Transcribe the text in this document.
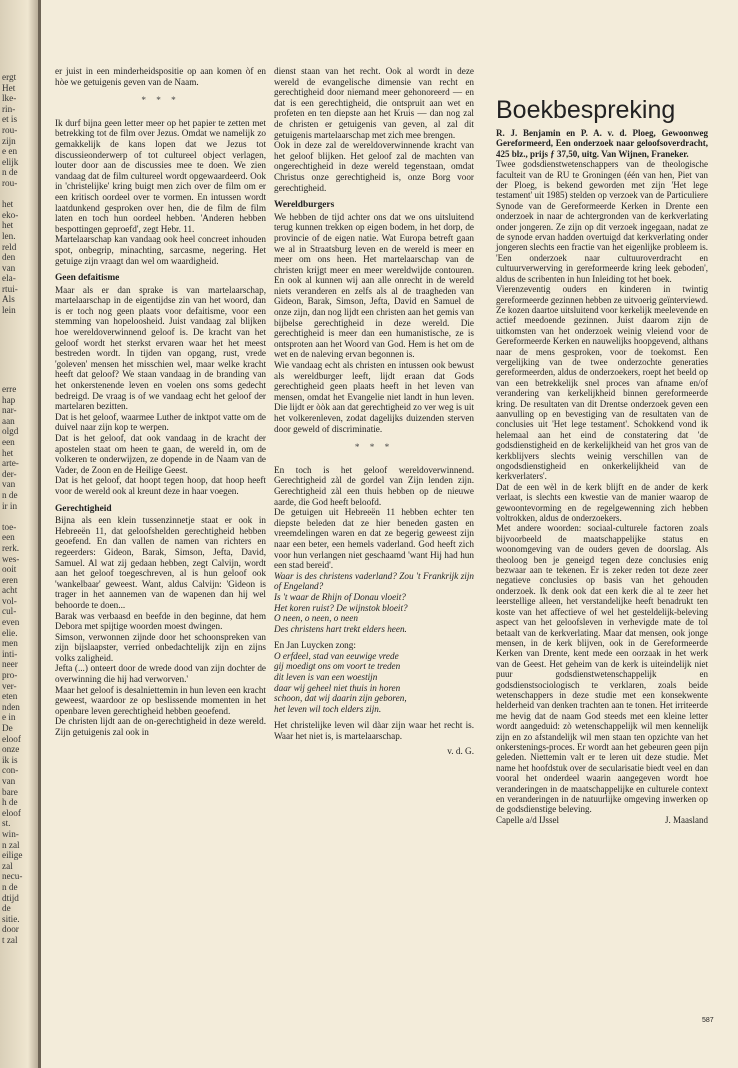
ergt
Het
lke-
rin-
et is
rou-
zijn
e en
elijk
n de
rou-
het
eko-
het
len.
reld
den
van
ela-
rtui-
Als
lein
erre
hap
nar-
aan
olgd
een
het
arte-
der-
van
n de
ir in
toe-
een
rerk.
wes-
ooit
eren
acht
vol-
cul-
even
elie.
men
inti-
neer
pro-
ver-
eten
nden
e in
De
eloof
onze
ik is
con-
van
bare
h de
eloof
st.
win-
n zal
eilige
zal
necu-
n de
dtijd
de
sitie.
door
t zal

er juist in een minderheidspositie op aan komen òf en hòe we getuigenis geven van de Naam.

* * *

Ik durf bijna geen letter meer op het papier te zetten met betrekking tot de film over Jezus. Omdat we namelijk zo gemakkelijk de kans lopen dat we Jezus tot discussieonderwerp of tot cultureel object verlagen, louter door aan de discussies mee te doen. We zien vandaag dat de film cultureel wordt opgewaardeerd. Ook in 'christelijke' kring buigt men zich over de film om er een kritisch oordeel over te vormen. En intussen wordt laatdunkend gesproken over hen, die de film de film laten en toch hun oordeel hebben. 'Anderen hebben bespottingen geproefd', zegt Hebr. 11.

Martelaarschap kan vandaag ook heel concreet inhouden spot, onbegrip, minachting, sarcasme, negering. Het getuige zijn vraagt dan wel om waardigheid.

Geen defaitisme

Maar als er dan sprake is van martelaarschap, martelaarschap in de eigentijdse zin van het woord, dan is er toch nog geen plaats voor defaitisme, voor een stemming van hopeloosheid. Juist vandaag zal blijken hoe wereldoverwinnend geloof is. De kracht van het geloof wordt het sterkst ervaren waar het het meest bestreden wordt. In tijden van opgang, rust, vrede 'goleven' mensen het misschien wel, maar welke kracht heeft dat geloof? We staan vandaag in de branding van het onkerstenende leven en voelen ons soms gedecht bedreigd. De vraag is of we vandaag echt het geloof der martelaren bezitten.

Dat is het geloof, waarmee Luther de inktpot vatte om de duivel naar zijn kop te werpen.

Dat is het geloof, dat ook vandaag in de kracht der apostelen staat om heen te gaan, de wereld in, om de volkeren te onderwijzen, ze dopende in de Naam van de Vader, de Zoon en de Heilige Geest.

Dat is het geloof, dat hoopt tegen hoop, dat hoop heeft voor de wereld ook al kreunt deze in haar voegen.

Gerechtigheid

Bijna als een klein tussenzinnetje staat er ook in Hebreeën 11, dat geloofshelden gerechtigheid hebben geoefend. En dan vallen de namen van richters en regeerders: Gideon, Barak, Simson, Jefta, David, Samuel. Al wat zij gedaan hebben, zegt Calvijn, wordt aan het geloof toegeschreven, al is hun geloof ook 'wankelbaar' geweest. Want, aldus Calvijn: 'Gideon is trager in het aannemen van de wapenen dan hij wel behoorde te doen...

Barak was verbaasd en beefde in den beginne, dat hem Debora met spijtige woorden moest dwingen.

Simson, verwonnen zijnde door het schoonspreken van zijn bijslaapster, verried onbedachtelijk zijn en zijns volks zaligheid.

Jefta (...) onteert door de wrede dood van zijn dochter de overwinning die hij had verworven.'

Maar het geloof is desalniettemin in hun leven een kracht geweest, waardoor ze op beslissende momenten in het openbare leven gerechtigheid hebben geoefend.

De christen lijdt aan de on-gerechtigheid in deze wereld. Zijn getuigenis zal ook in

dienst staan van het recht. Ook al wordt in deze wereld de evangelische dimensie van recht en gerechtigheid door niemand meer gehonoreerd — en dat is een gerechtigheid, die ontspruit aan wet en profeten en ten diepste aan het Kruis — dan nog zal de christen er getuigenis van geven, al zal dit getuigenis martelaarschap met zich mee brengen.

Ook in deze zal de wereldoverwinnende kracht van het geloof blijken. Het geloof zal de machten van ongerechtigheid in deze wereld tegenstaan, omdat Christus onze gerechtigheid is, onze Borg voor gerechtigheid.

Wereldburgers

We hebben de tijd achter ons dat we ons uitsluitend terug kunnen trekken op eigen bodem, in het dorp, de provincie of de eigen natie. Wat Europa betreft gaan we al in Straatsburg leven en de wereld is meer en meer om ons heen. Het martelaarschap van de christen krijgt meer en meer wereldwijde contouren. En ook al kunnen wij aan alle onrecht in de wereld niets veranderen en zelfs als al de traagheden van Gideon, Barak, Simson, Jefta, David en Samuel de onze zijn, dan nog lijdt een christen aan het gemis van bijbelse gerechtigheid in deze wereld. Die gerechtigheid is meer dan een humanistische, ze is ontsproten aan het Woord van God. Hem is het om de wet en de naleving ervan begonnen is.

Wie vandaag echt als christen en intussen ook bewust als wereldburger leeft, lijdt eraan dat Gods gerechtigheid geen plaats heeft in het leven van mensen, omdat het Evangelie niet landt in hun leven. Die lijdt er òòk aan dat gerechtigheid zo ver weg is uit het volkerenleven, zodat dagelijks duizenden sterven door geweld of discriminatie.

* * *

En toch is het geloof wereldoverwinnend. Gerechtigheid zàl de gordel van Zijn lenden zijn. Gerechtigheid zàl een thuis hebben op de nieuwe aarde, die God heeft beloofd.

De getuigen uit Hebreeën 11 hebben echter ten diepste beleden dat ze hier beneden gasten en vreemdelingen waren en dat ze begerig geweest zijn naar een beter, een hemels vaderland. God heeft zich voor hun verlangen niet geschaamd 'want Hij had hun een stad bereid'.

Waar is des christens vaderland? Zou 't Frankrijk zijn of Engeland?
Is 't waar de Rhijn of Donau vloeit?
Het koren ruist? De wijnstok bloeit?
O neen, o neen, o neen
Des christens hart trekt elders heen.

En Jan Luycken zong:

O erfdeel, stad van eeuwige vrede
gij moedigt ons om voort te treden
dit leven is van een woestijn
daar wij geheel niet thuis in horen
schoon, dat wij daarin zijn geboren,
het leven wil toch elders zijn.

Het christelijke leven wil dàar zijn waar het recht is. Waar het niet is, is martelaarschap.

v. d. G.
Boekbespreking

R. J. Benjamin en P. A. v. d. Ploeg, Gewoonweg Gereformeerd, Een onderzoek naar geloofsoverdracht, 425 blz., prijs ƒ 37,50, uitg. Van Wijnen, Franeker.

Twee godsdienstwetenschappers van de theologische faculteit van de RU te Groningen (één van hen, Piet van der Ploeg, is bekend geworden met zijn 'Het lege testament' uit 1985) stelden op verzoek van de Particuliere Synode van de Gereformeerde Kerken in Drente een onderzoek in naar de achtergronden van de kerkverlating onder jongeren. Ze zijn op dit verzoek ingegaan, nadat ze de synode ervan hadden overtuigd dat kerkverlating onder jongeren slechts een fractie van het eigenlijke probleem is. 'Een onderzoek naar cultuuroverdracht en cultuurverwerving in gereformeerde kring leek geboden', aldus de scribenten in hun Inleiding tot het boek.

Vierenzeventig ouders en kinderen in twintig gereformeerde gezinnen hebben ze uitvoerig geïnterviewd. Ze kozen daartoe uitsluitend voor kerkelijk meelevende en actief meedoende gezinnen. Juist daarom zijn de uitkomsten van het onderzoek weinig vleiend voor de Gereformeerde Kerken en nauwelijks hoopgevend, althans naar de mens gesproken, voor de toekomst. Een vergelijking van de twee onderzochte generaties gereformeerden, aldus de onderzoekers, roept het beeld op van een betrekkelijk snel proces van afname en/of verandering van kerkelijkheid binnen gereformeerde kring. De resultaten van dit Drentse onderzoek geven een aanvulling op en bevestiging van de resultaten van de conclusies uit 'Het lege testament'. Schokkend vond ik helemaal aan het eind de constatering dat 'de godsdienstigheid en de kerkelijkheid van het gros van de kerkblijvers slechts weinig verschillen van de ongodsdienstigheid en onkerkelijkheid van de kerkverlaters'.

Dat de een wèl in de kerk blijft en de ander de kerk verlaat, is slechts een kwestie van de manier waarop de gewoontevorming en de regelgewenning zich hebben voltrokken, aldus de onderzoekers.

Met andere woorden: sociaal-culturele factoren zoals bijvoorbeeld de maatschappelijke status en woonomgeving van de ouders geven de doorslag. Als theoloog ben je geneigd tegen deze conclusies enig bezwaar aan te tekenen. Er is zeker reden tot deze zeer negatieve conclusies op basis van het gehouden onderzoek. Ik denk ook dat een kerk die al te zeer het leerstellige alleen, het verstandelijke heeft benadrukt ten koste van het affectieve of wel het gesteldelijk-beleving aspect van het geloofsleven in verhevigde mate de tol betaalt van de kerkverlating. Maar dat mensen, ook jonge mensen, in de kerk blijven, ook in de Gereformeerde Kerken van Drente, kent mede een oorzaak in het werk van de Geest. Het geheim van de kerk is uiteindelijk niet puur godsdienstwetenschappelijk en godsdienstsociologisch te verklaren, zoals beide wetenschappers in deze studie met een konsekwente helderheid van denken trachten aan te tonen. Het irriteerde me hevig dat de naam God steeds met een kleine letter wordt aangeduid: zò wetenschappelijk wil men kennelijk zijn en zo afstandelijk wil men staan ten opzichte van het onkerstenings-proces. Er wordt aan het gebeuren geen pijn geleden. Niettemin valt er te leren uit deze studie. Met name het hoofdstuk over de secularisatie biedt veel en dan vooral het onderdeel waarin aangegeven wordt hoe veranderingen in de maatschappelijke en culturele context en veranderingen in de natuurlijke omgeving inwerken op de godsdienstige beleving.

Capelle a/d IJssel	J. Maasland
587
